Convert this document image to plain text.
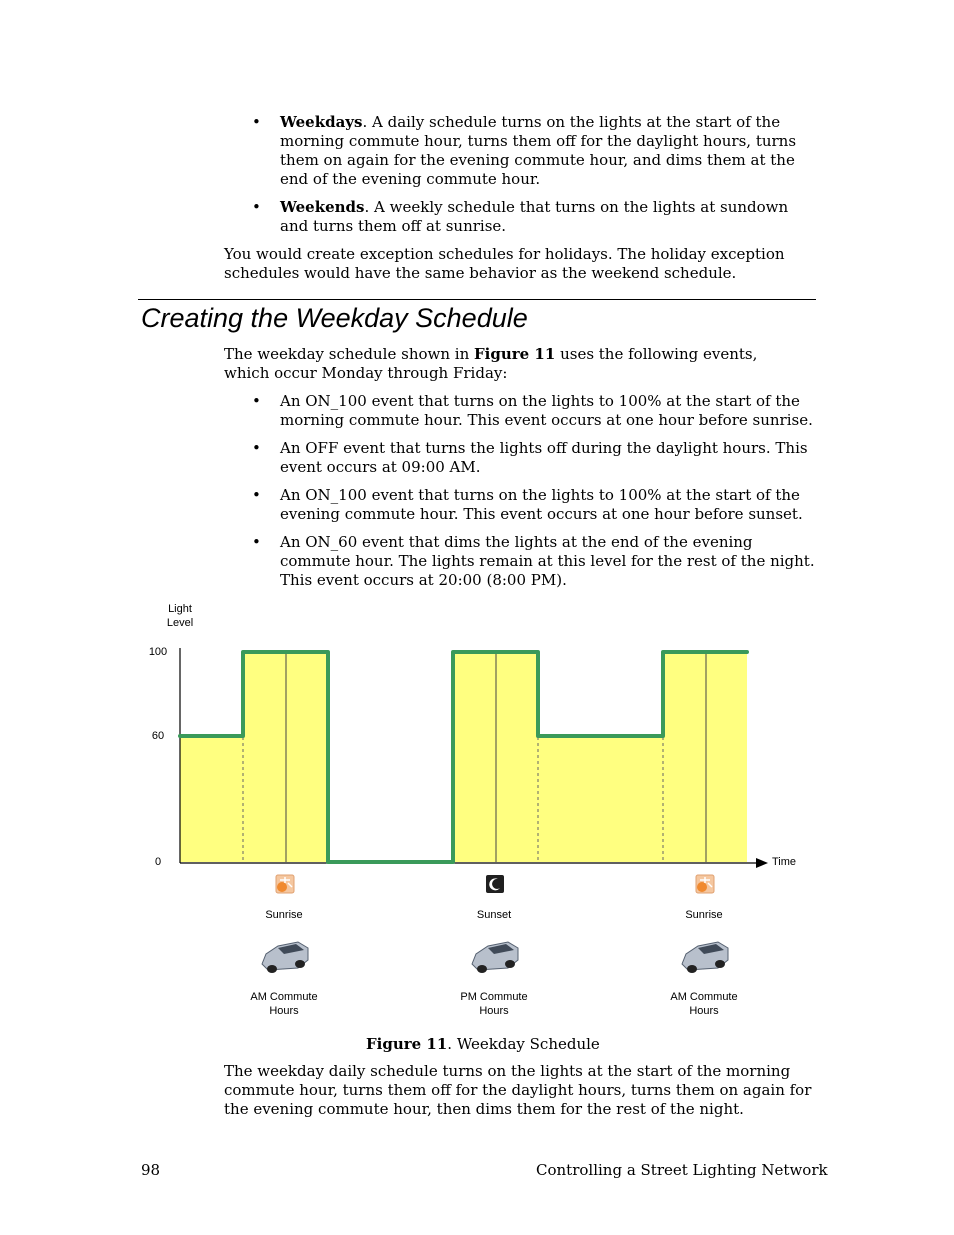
• Weekdays. A daily schedule turns on the lights at the start of the morning commute hour, turns them off for the daylight hours, turns them on again for the evening commute hour, and dims them at the end of the evening commute hour.
• Weekends. A weekly schedule that turns on the lights at sundown and turns them off at sunrise.
You would create exception schedules for holidays. The holiday exception schedules would have the same behavior as the weekend schedule.
Creating the Weekday Schedule
The weekday schedule shown in Figure 11 uses the following events, which occur Monday through Friday:
• An ON_100 event that turns on the lights to 100% at the start of the morning commute hour. This event occurs at one hour before sunrise.
• An OFF event that turns the lights off during the daylight hours. This event occurs at 09:00 AM.
• An ON_100 event that turns on the lights to 100% at the start of the evening commute hour. This event occurs at one hour before sunset.
• An ON_60 event that dims the lights at the end of the evening commute hour. The lights remain at this level for the rest of the night. This event occurs at 20:00 (8:00 PM).
Light
Level
100
60
0	Time
Sunrise	Sunset	Sunrise
AM Commute
Hours
PM Commute
Hours
AM Commute
Hours
Figure 11. Weekday Schedule
The weekday daily schedule turns on the lights at the start of the morning commute hour, turns them off for the daylight hours, turns them on again for the evening commute hour, then dims them for the rest of the night.
98	Controlling a Street Lighting Network
